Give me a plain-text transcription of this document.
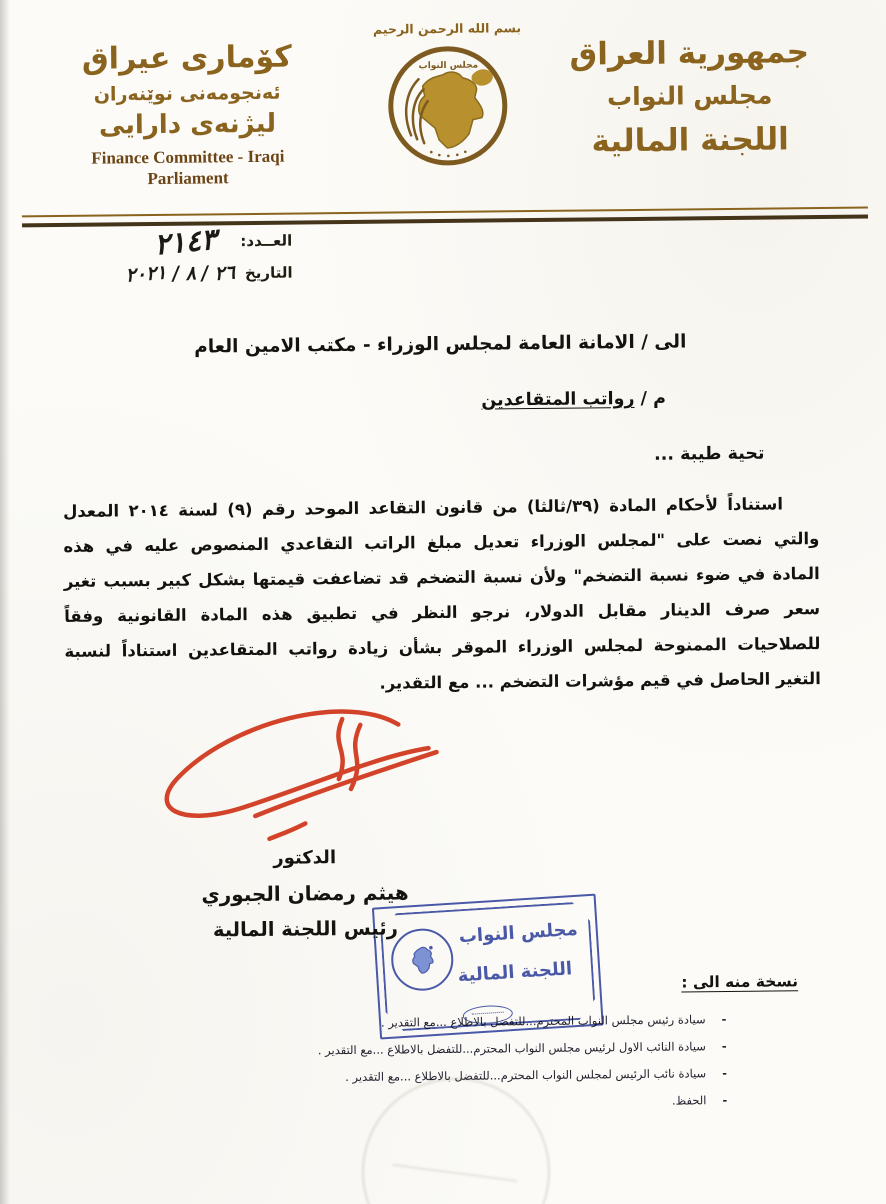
كۆماری عیراق
ئەنجومەنی نوێنەران
لیژنەی دارایی
Finance Committee - Iraqi
Parliament
بسم الله الرحمن الرحيم
مجلس النواب	جمهورية العراق
مجلس النواب
اللجنة المالية
العــدد:
٢١٤٣
التاريخ
٢٦
/
٨
/
٢٠٢١
الى / الامانة العامة لمجلس الوزراء - مكتب الامين العام
م / رواتب المتقاعدين
تحية طيبة ...
استناداً لأحكام المادة (٣٩/ثالثا) من قانون التقاعد الموحد رقم (٩) لسنة ٢٠١٤ المعدل
والتي نصت على "لمجلس الوزراء تعديل مبلغ الراتب التقاعدي المنصوص عليه في هذه
المادة في ضوء نسبة التضخم" ولأن نسبة التضخم قد تضاعفت قيمتها بشكل كبير بسبب تغير
سعر صرف الدينار مقابل الدولار، نرجو النظر في تطبيق هذه المادة القانونية وفقاً
للصلاحيات الممنوحة لمجلس الوزراء الموقر بشأن زيادة رواتب المتقاعدين استناداً لنسبة
التغير الحاصل في قيم مؤشرات التضخم ... مع التقدير.
الدكتور
هيثم رمضان الجبوري
رئيس اللجنة المالية	مجلس النواب
اللجنة المالية	نسخة منه الى :
-سيادة رئيس مجلس النواب المحترم...للتفضل بالاطلاع ...مع التقدير .
-سيادة النائب الاول لرئيس مجلس النواب المحترم...للتفضل بالاطلاع ...مع التقدير .
-سيادة نائب الرئيس لمجلس النواب المحترم...للتفضل بالاطلاع ...مع التقدير .
-الحفظ.
